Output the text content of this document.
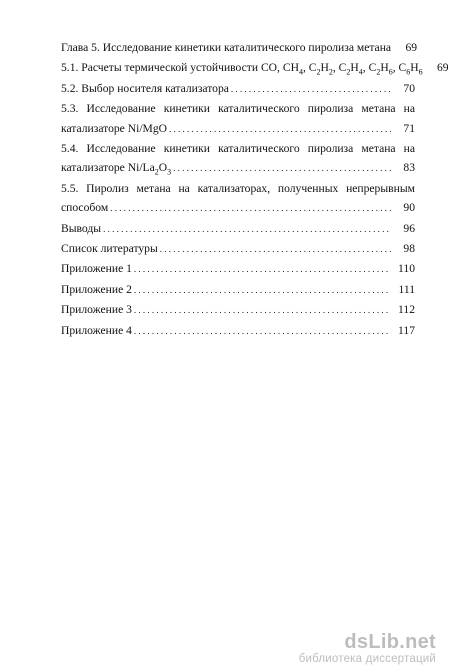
Глава 5. Исследование кинетики каталитического пиролиза метана	69
5.1. Расчеты термической устойчивости CO, $CH_4$, $C_2H_2$, $C_2H_4$, $C_2H_6$, $C_6H_6$	69
5.2. Выбор носителя катализатора . . .	70
5.3. Исследование кинетики каталитического пиролиза метана на
катализаторе Ni/MgO . . .	71
5.4. Исследование кинетики каталитического пиролиза метана на
катализаторе $Ni/La_2O_3$ . . .	83
5.5. Пиролиз метана на катализаторах, полученных непрерывным
способом . . .	90
Выводы . . .	96
Список литературы . . .	98
Приложение 1 . . .	110
Приложение 2 . . .	111
Приложение 3 . . .	112
Приложение 4 . . .	117
dsLib.net
библиотека диссертаций
